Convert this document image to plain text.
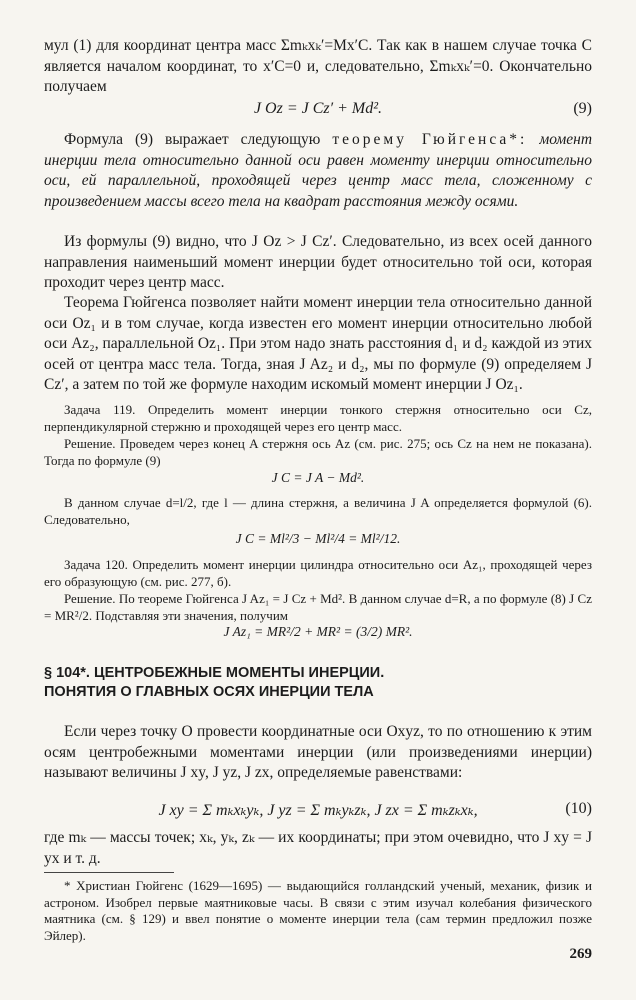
мул (1) для координат центра масс Σmₖxₖ′=Mx′C. Так как в нашем случае точка C является началом координат, то x′C=0 и, следовательно, Σmₖxₖ′=0. Окончательно получаем

J Oz = J Cz′ + Md².	(9)

Формула (9) выражает следующую теорему Гюйгенса*: момент инерции тела относительно данной оси равен моменту инерции относительно оси, ей параллельной, проходящей через центр масс тела, сложенному с произведением массы всего тела на квадрат расстояния между осями.

Из формулы (9) видно, что J Oz > J Cz′. Следовательно, из всех осей данного направления наименьший момент инерции будет относительно той оси, которая проходит через центр масс.

Теорема Гюйгенса позволяет найти момент инерции тела относительно данной оси Oz₁ и в том случае, когда известен его момент инерции относительно любой оси Az₂, параллельной Oz₁. При этом надо знать расстояния d₁ и d₂ каждой из этих осей от центра масс тела. Тогда, зная J Az₂ и d₂, мы по формуле (9) определяем J Cz′, а затем по той же формуле находим искомый момент инерции J Oz₁.

Задача 119. Определить момент инерции тонкого стержня относительно оси Cz, перпендикулярной стержню и проходящей через его центр масс.

Решение. Проведем через конец A стержня ось Az (см. рис. 275; ось Cz на нем не показана). Тогда по формуле (9)

J C = J A − Md².

В данном случае d=l/2, где l — длина стержня, а величина J A определяется формулой (6). Следовательно,

J C = Ml²/3 − Ml²/4 = Ml²/12.

Задача 120. Определить момент инерции цилиндра относительно оси Az₁, проходящей через его образующую (см. рис. 277, б).

Решение. По теореме Гюйгенса J Az₁ = J Cz + Md². В данном случае d=R, а по формуле (8) J Cz = MR²/2. Подставляя эти значения, получим

J Az₁ = MR²/2 + MR² = (3/2) MR².
§ 104*. ЦЕНТРОБЕЖНЫЕ МОМЕНТЫ ИНЕРЦИИ.
ПОНЯТИЯ О ГЛАВНЫХ ОСЯХ ИНЕРЦИИ ТЕЛА

Если через точку O провести координатные оси Oxyz, то по отношению к этим осям центробежными моментами инерции (или произведениями инерции) называют величины J xy, J yz, J zx, определяемые равенствами:

J xy = Σ mₖxₖyₖ, J yz = Σ mₖyₖzₖ, J zx = Σ mₖzₖxₖ,	(10)

где mₖ — массы точек; xₖ, yₖ, zₖ — их координаты; при этом очевидно, что J xy = J yx и т. д.

* Христиан Гюйгенс (1629—1695) — выдающийся голландский ученый, механик, физик и астроном. Изобрел первые маятниковые часы. В связи с этим изучал колебания физического маятника (см. § 129) и ввел понятие о моменте инерции тела (сам термин предложил позже Эйлер).

269
